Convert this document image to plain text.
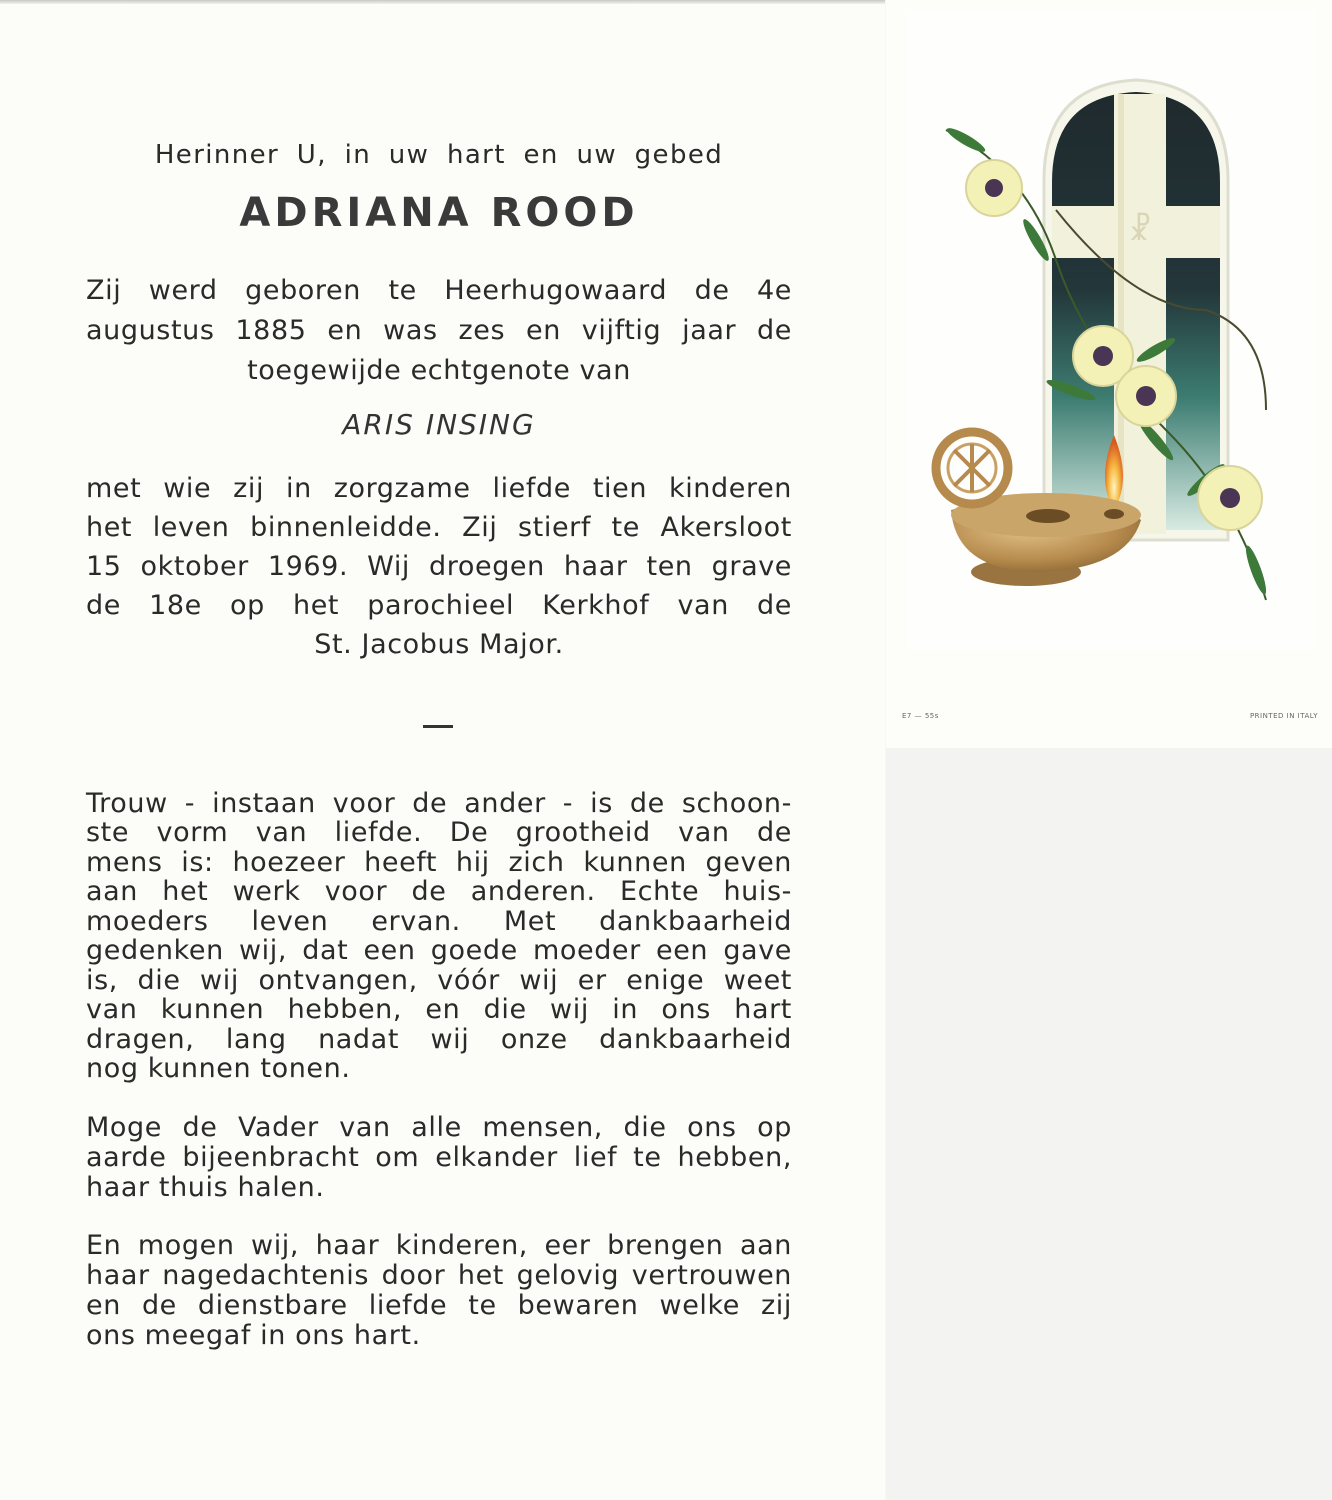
Herinner U, in uw hart en uw gebed
ADRIANA ROOD
Zij werd geboren te Heerhugowaard de 4e
augustus 1885 en was zes en vijftig jaar de
toegewijde echtgenote van
ARIS INSING
met wie zij in zorgzame liefde tien kinderen
het leven binnenleidde. Zij stierf te Akersloot
15 oktober 1969. Wij droegen haar ten grave
de 18e op het parochieel Kerkhof van de
St. Jacobus Major.
Trouw - instaan voor de ander - is de schoon-
ste vorm van liefde. De grootheid van de
mens is: hoezeer heeft hij zich kunnen geven
aan het werk voor de anderen. Echte huis-
moeders leven ervan. Met dankbaarheid
gedenken wij, dat een goede moeder een gave
is, die wij ontvangen, vóór wij er enige weet
van kunnen hebben, en die wij in ons hart
dragen, lang nadat wij onze dankbaarheid
nog kunnen tonen.
Moge de Vader van alle mensen, die ons op
aarde bijeenbracht om elkander lief te hebben,
haar thuis halen.
En mogen wij, haar kinderen, eer brengen aan
haar nagedachtenis door het gelovig vertrouwen
en de dienstbare liefde te bewaren welke zij
ons meegaf in ons hart.
☧
E7 — 55s	PRINTED IN ITALY
